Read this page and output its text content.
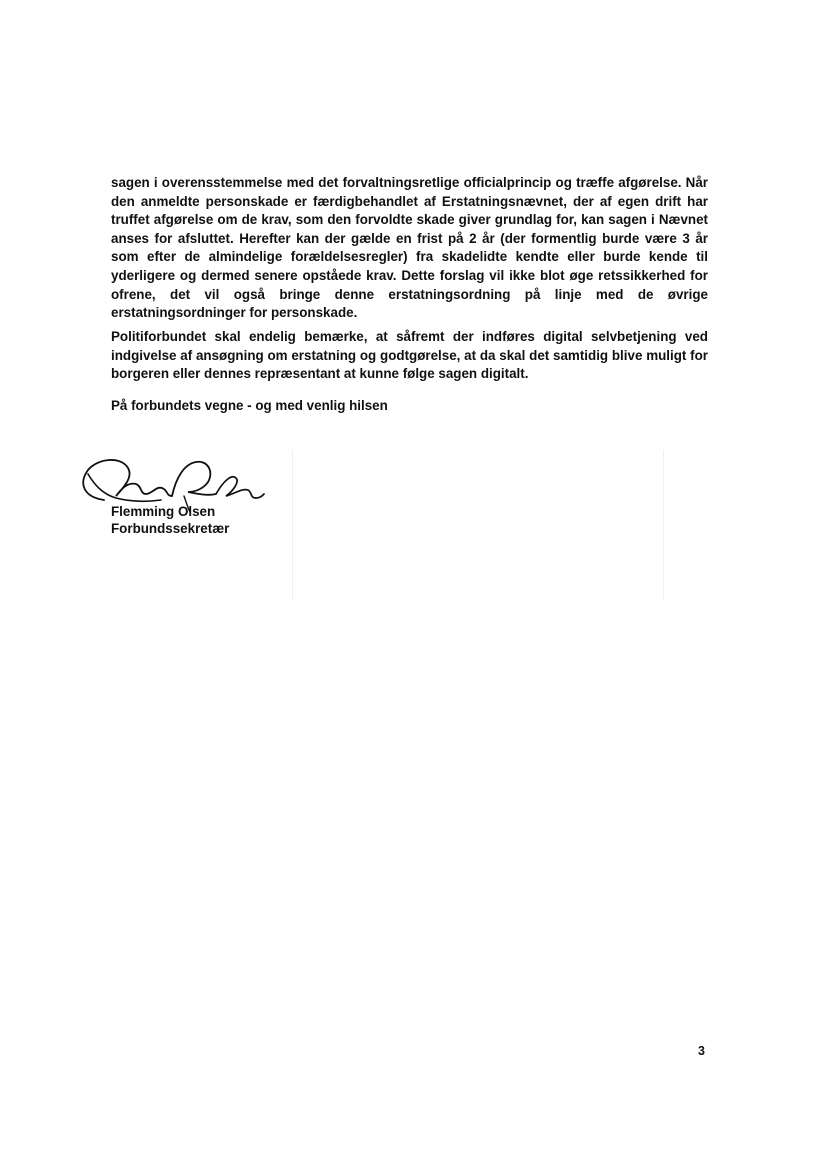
sagen i overensstemmelse med det forvaltningsretlige officialprincip og træffe afgørelse. Når den anmeldte personskade er færdigbehandlet af Erstatningsnævnet, der af egen drift har truffet afgørelse om de krav, som den forvoldte skade giver grundlag for, kan sagen i Nævnet anses for afsluttet. Herefter kan der gælde en frist på 2 år (der formentlig burde være 3 år som efter de almindelige forældelsesregler) fra skadelidte kendte eller burde kende til yderligere og dermed senere opståede krav. Dette forslag vil ikke blot øge retssikkerhed for ofrene, det vil også bringe denne erstatningsordning på linje med de øvrige erstatningsordninger for personskade.

Politiforbundet skal endelig bemærke, at såfremt der indføres digital selvbetjening ved indgivelse af ansøgning om erstatning og godtgørelse, at da skal det samtidig blive muligt for borgeren eller dennes repræsentant at kunne følge sagen digitalt.

På forbundets vegne - og med venlig hilsen

Flemming Olsen

Forbundssekretær

3
